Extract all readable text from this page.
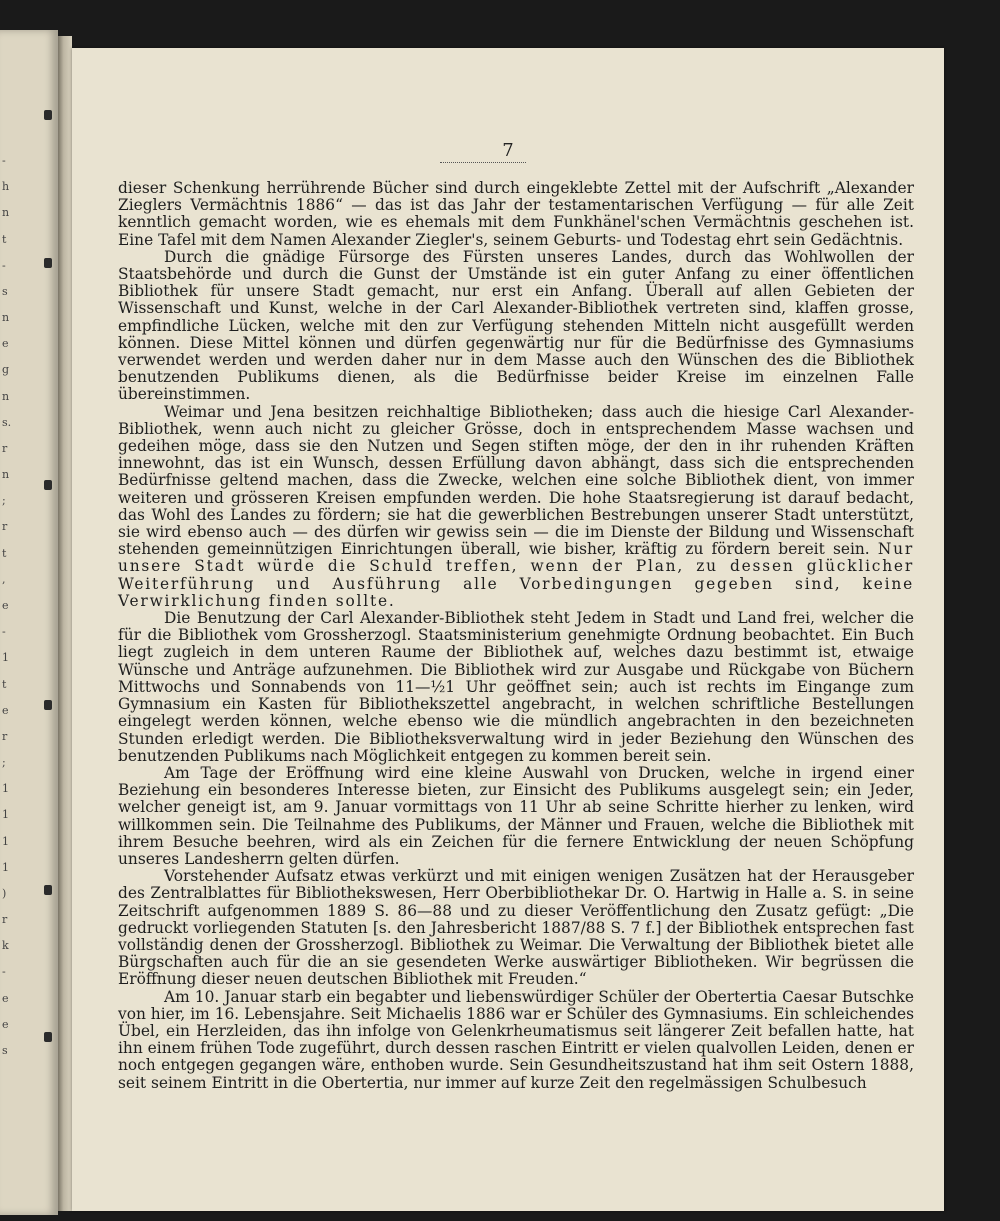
-
h
n
t
-
s
n
e
g
n
s.
r
n
;
r
t
,
e
-
1
t
e
r
;
1
1
1
1
)
r
k
-
e
e
s
7

dieser Schenkung herrührende Bücher sind durch eingeklebte Zettel mit der Aufschrift „Alexander Zieglers Vermächtnis 1886“ — das ist das Jahr der testamentarischen Verfügung — für alle Zeit kenntlich gemacht worden, wie es ehemals mit dem Funkhänel'schen Vermächtnis geschehen ist. Eine Tafel mit dem Namen Alexander Ziegler's, seinem Geburts- und Todestag ehrt sein Gedächtnis.

Durch die gnädige Fürsorge des Fürsten unseres Landes, durch das Wohlwollen der Staatsbehörde und durch die Gunst der Umstände ist ein guter Anfang zu einer öffentlichen Bibliothek für unsere Stadt gemacht, nur erst ein Anfang. Überall auf allen Gebieten der Wissenschaft und Kunst, welche in der Carl Alexander-Bibliothek vertreten sind, klaffen grosse, empfindliche Lücken, welche mit den zur Verfügung stehenden Mitteln nicht ausgefüllt werden können. Diese Mittel können und dürfen gegenwärtig nur für die Bedürfnisse des Gymnasiums verwendet werden und werden daher nur in dem Masse auch den Wünschen des die Bibliothek benutzenden Publikums dienen, als die Bedürfnisse beider Kreise im einzelnen Falle übereinstimmen.

Weimar und Jena besitzen reichhaltige Bibliotheken; dass auch die hiesige Carl Alexander-Bibliothek, wenn auch nicht zu gleicher Grösse, doch in entsprechendem Masse wachsen und gedeihen möge, dass sie den Nutzen und Segen stiften möge, der den in ihr ruhenden Kräften innewohnt, das ist ein Wunsch, dessen Erfüllung davon abhängt, dass sich die entsprechenden Bedürfnisse geltend machen, dass die Zwecke, welchen eine solche Bibliothek dient, von immer weiteren und grösseren Kreisen empfunden werden. Die hohe Staatsregierung ist darauf bedacht, das Wohl des Landes zu fördern; sie hat die gewerblichen Bestrebungen unserer Stadt unterstützt, sie wird ebenso auch — des dürfen wir gewiss sein — die im Dienste der Bildung und Wissenschaft stehenden gemeinnützigen Einrichtungen überall, wie bisher, kräftig zu fördern bereit sein. Nur unsere Stadt würde die Schuld treffen, wenn der Plan, zu dessen glücklicher Weiterführung und Ausführung alle Vorbedingungen gegeben sind, keine Verwirklichung finden sollte.

Die Benutzung der Carl Alexander-Bibliothek steht Jedem in Stadt und Land frei, welcher die für die Bibliothek vom Grossherzogl. Staatsministerium genehmigte Ordnung beobachtet. Ein Buch liegt zugleich in dem unteren Raume der Bibliothek auf, welches dazu bestimmt ist, etwaige Wünsche und Anträge aufzunehmen. Die Bibliothek wird zur Ausgabe und Rückgabe von Büchern Mittwochs und Sonnabends von 11—½1 Uhr geöffnet sein; auch ist rechts im Eingange zum Gymnasium ein Kasten für Bibliothekszettel angebracht, in welchen schriftliche Bestellungen eingelegt werden können, welche ebenso wie die mündlich angebrachten in den bezeichneten Stunden erledigt werden. Die Bibliotheksverwaltung wird in jeder Beziehung den Wünschen des benutzenden Publikums nach Möglichkeit entgegen zu kommen bereit sein.

Am Tage der Eröffnung wird eine kleine Auswahl von Drucken, welche in irgend einer Beziehung ein besonderes Interesse bieten, zur Einsicht des Publikums ausgelegt sein; ein Jeder, welcher geneigt ist, am 9. Januar vormittags von 11 Uhr ab seine Schritte hierher zu lenken, wird willkommen sein. Die Teilnahme des Publikums, der Männer und Frauen, welche die Bibliothek mit ihrem Besuche beehren, wird als ein Zeichen für die fernere Entwicklung der neuen Schöpfung unseres Landesherrn gelten dürfen.

Vorstehender Aufsatz etwas verkürzt und mit einigen wenigen Zusätzen hat der Herausgeber des Zentralblattes für Bibliothekswesen, Herr Oberbibliothekar Dr. O. Hartwig in Halle a. S. in seine Zeitschrift aufgenommen 1889 S. 86—88 und zu dieser Veröffentlichung den Zusatz gefügt: „Die gedruckt vorliegenden Statuten [s. den Jahresbericht 1887/88 S. 7 f.] der Bibliothek entsprechen fast vollständig denen der Grossherzogl. Bibliothek zu Weimar. Die Verwaltung der Bibliothek bietet alle Bürgschaften auch für die an sie gesendeten Werke auswärtiger Bibliotheken. Wir begrüssen die Eröffnung dieser neuen deutschen Bibliothek mit Freuden.“

Am 10. Januar starb ein begabter und liebenswürdiger Schüler der Obertertia Caesar Butschke von hier, im 16. Lebensjahre. Seit Michaelis 1886 war er Schüler des Gymnasiums. Ein schleichendes Übel, ein Herzleiden, das ihn infolge von Gelenkrheumatismus seit längerer Zeit befallen hatte, hat ihn einem frühen Tode zugeführt, durch dessen raschen Eintritt er vielen qualvollen Leiden, denen er noch entgegen gegangen wäre, enthoben wurde. Sein Gesundheitszustand hat ihm seit Ostern 1888, seit seinem Eintritt in die Obertertia, nur immer auf kurze Zeit den regelmässigen Schulbesuch
